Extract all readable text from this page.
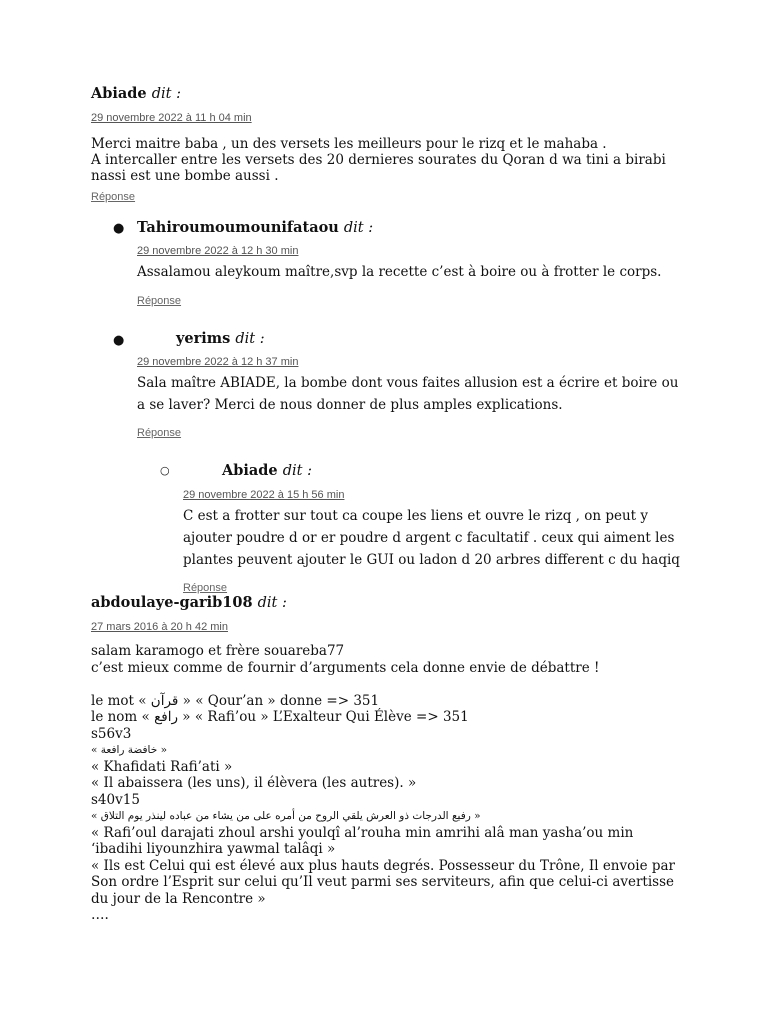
Abiade dit :
29 novembre 2022 à 11 h 04 min

Merci maitre baba , un des versets les meilleurs pour le rizq et le mahaba .

A intercaller entre les versets des 20 dernieres sourates du Qoran d wa tini a birabi

nassi est une bombe aussi .

Réponse
● Tahiroumoumounifataou dit :
29 novembre 2022 à 12 h 30 min

Assalamou aleykoum maître,svp la recette c’est à boire ou à frotter le corps.

Réponse
●	yerims dit :
29 novembre 2022 à 12 h 37 min

Sala maître ABIADE, la bombe dont vous faites allusion est a écrire et boire ou

a se laver? Merci de nous donner de plus amples explications.

Réponse
○	Abiade dit :
29 novembre 2022 à 15 h 56 min

C est a frotter sur tout ca coupe les liens et ouvre le rizq , on peut y

ajouter poudre d or er poudre d argent c facultatif . ceux qui aiment les

plantes peuvent ajouter le GUI ou ladon d 20 arbres different c du haqiq

Réponse
abdoulaye-garib108 dit :
27 mars 2016 à 20 h 42 min

salam karamogo et frère souareba77

c’est mieux comme de fournir d’arguments cela donne envie de débattre !

le mot « قرآن » « Qour’an » donne => 351

le nom « رافع » « Rafi’ou » L’Exalteur Qui Élève => 351

s56v3

« خافضة رافعة »

« Khafidati Rafi’ati »

« Il abaissera (les uns), il élèvera (les autres). »

s40v15

« رفيع الدرجات ذو العرش يلقي الروح من أمره على من يشاء من عباده لينذر يوم التلاق »

« Rafi’oul darajati zhoul arshi youlqî al’rouha min amrihi alâ man yasha’ou min

‘ibadihi liyounzhira yawmal talâqi »

« Ils est Celui qui est élevé aux plus hauts degrés. Possesseur du Trône, Il envoie par

Son ordre l’Esprit sur celui qu’Il veut parmi ses serviteurs, afin que celui-ci avertisse

du jour de la Rencontre »

….
